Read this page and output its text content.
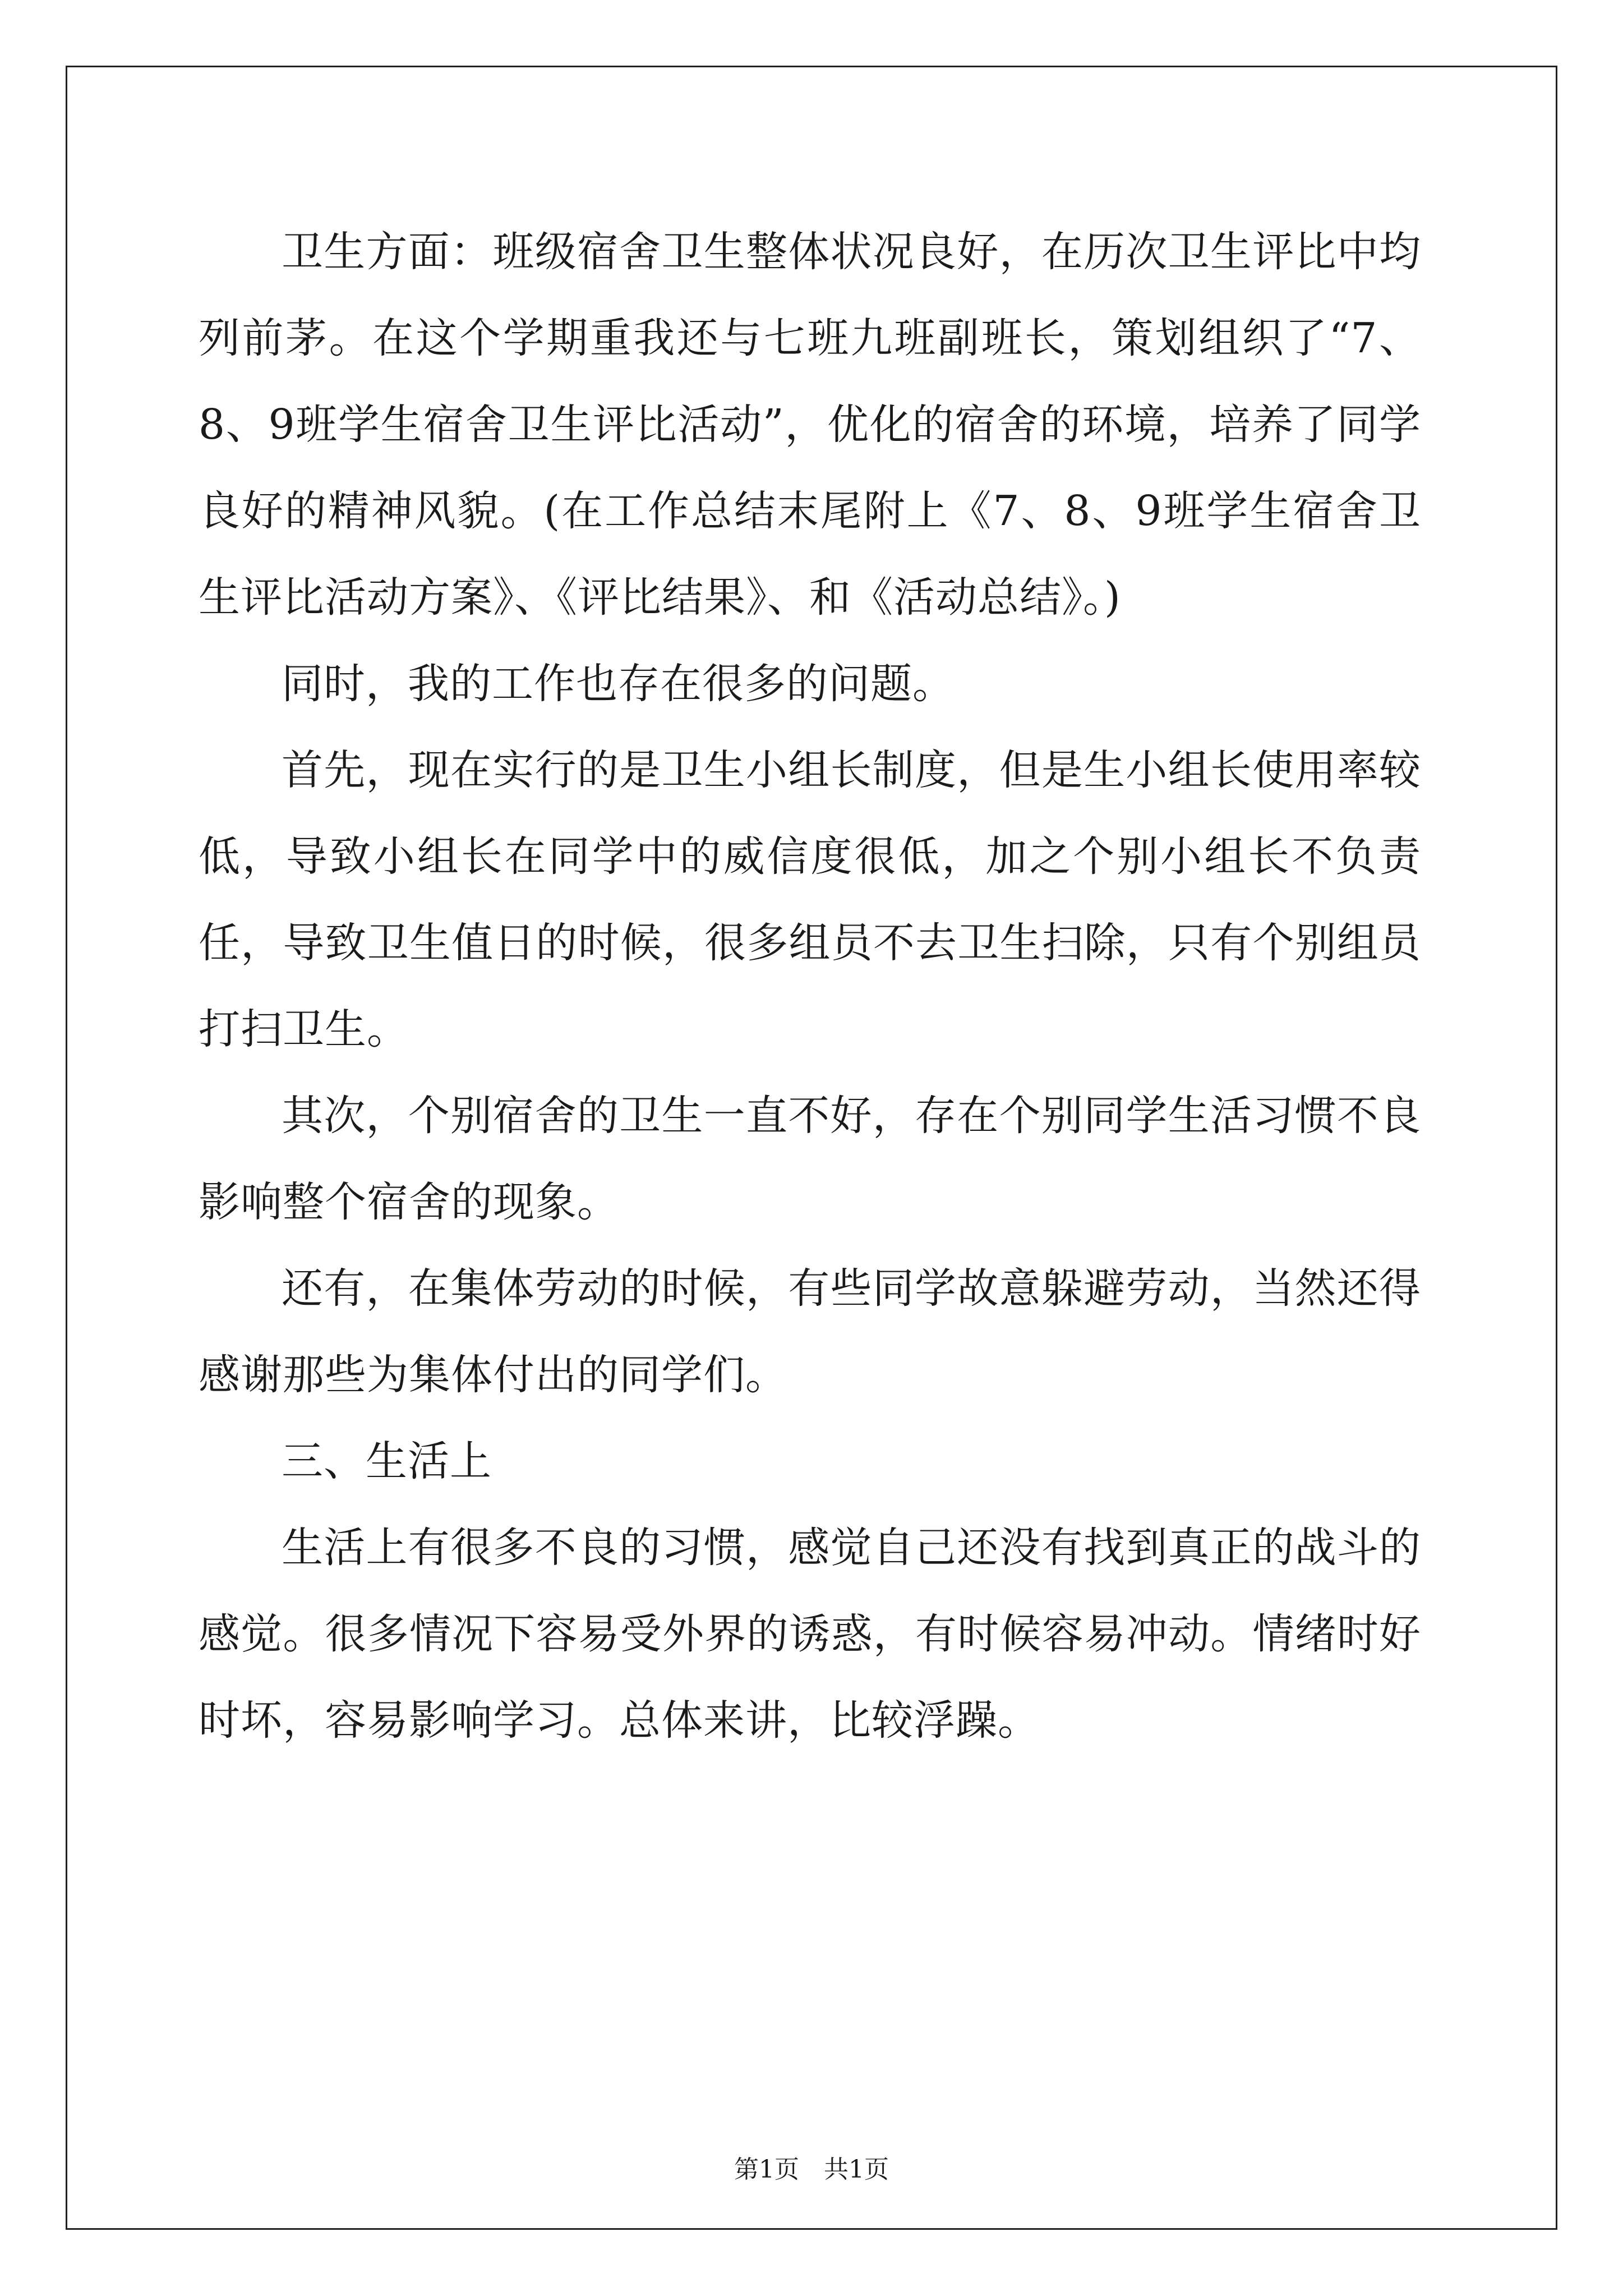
卫生方面：班级宿舍卫生整体状况良好，在历次卫生评比中均列前茅。在这个学期重我还与七班九班副班长，策划组织了“7、8、9班学生宿舍卫生评比活动”，优化的宿舍的环境，培养了同学良好的精神风貌。(在工作总结末尾附上《7、8、9班学生宿舍卫生评比活动方案》、《评比结果》、和《活动总结》。)

同时，我的工作也存在很多的问题。

首先，现在实行的是卫生小组长制度，但是生小组长使用率较低，导致小组长在同学中的威信度很低，加之个别小组长不负责任，导致卫生值日的时候，很多组员不去卫生扫除，只有个别组员打扫卫生。

其次，个别宿舍的卫生一直不好，存在个别同学生活习惯不良影响整个宿舍的现象。

还有，在集体劳动的时候，有些同学故意躲避劳动，当然还得感谢那些为集体付出的同学们。

三、生活上

生活上有很多不良的习惯，感觉自己还没有找到真正的战斗的感觉。很多情况下容易受外界的诱惑，有时候容易冲动。情绪时好时坏，容易影响学习。总体来讲，比较浮躁。

第1页　共1页
